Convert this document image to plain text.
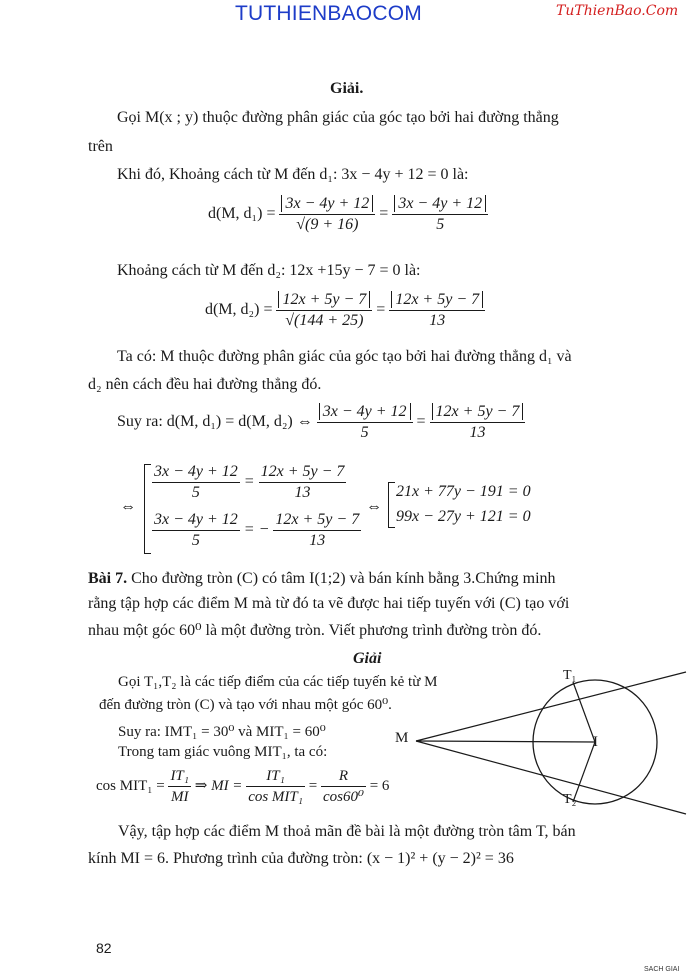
TUTHIENBAOCOM	TuThienBao.Com
Giải.
Gọi M(x ; y) thuộc đường phân giác của góc tạo bởi hai đường thẳng
trên
Khi đó, Khoảng cách từ M đến d₁: 3x − 4y + 12 = 0 là:
d(M, $d_1) = \frac{3x - 4y + 12}{√(9 + 16)} = \frac{3x - 4y + 12}{5}$
Khoảng cách từ M đến d₂: 12x +15y − 7 = 0 là:
d(M, $d_2) = \frac{12x + 5y - 7}{√(144 + 25)} = \frac{12x + 5y - 7}{13}$
Ta có: M thuộc đường phân giác của góc tạo bởi hai đường thẳng d₁ và
d₂ nên cách đều hai đường thẳng đó.
Suy ra: d(M, d₁) = d(M, d₂) ⇔ $\frac{3x - 4y + 12}{5} = \frac{12x + 5y - 7}{13}$
⇔
$\frac{3x - 4y + 12}{5} = \frac{12x + 5y - 7}{13}$
$\frac{3x - 4y + 12}{5}$ = − $\frac{12x + 5y - 7}{13}$
⇔
21x + 77y − 191 = 0
99x − 27y + 121 = 0
Bài 7. Cho đường tròn (C) có tâm I(1;2) và bán kính bằng 3.Chứng minh
rằng tập hợp các điểm M mà từ đó ta vẽ được hai tiếp tuyến với (C) tạo với
nhau một góc 60⁰ là một đường tròn. Viết phương trình đường tròn đó.
Giải
Gọi T₁,T₂ là các tiếp điểm của các tiếp tuyến kẻ từ M
đến đường tròn (C) và tạo với nhau một góc 60⁰.
Suy ra: IMT₁ = 30⁰ và MIT₁ = 60⁰
Trong tam giác vuông MIT₁, ta có:
$\cos MIT_1 = \frac{\text{IT₁}}{MI}$ ⇒ MI = $\frac{\text{IT₁}}{\text{cos MIT₁}} = \frac{R}{\text{cos60⁰}} = 6$
M	I
T₁
T₂
Vậy, tập hợp các điểm M thoả mãn đề bài là một đường tròn tâm T, bán
kính MI = 6. Phương trình của đường tròn: (x − 1)² + (y − 2)² = 36
82
SACH GIAI
